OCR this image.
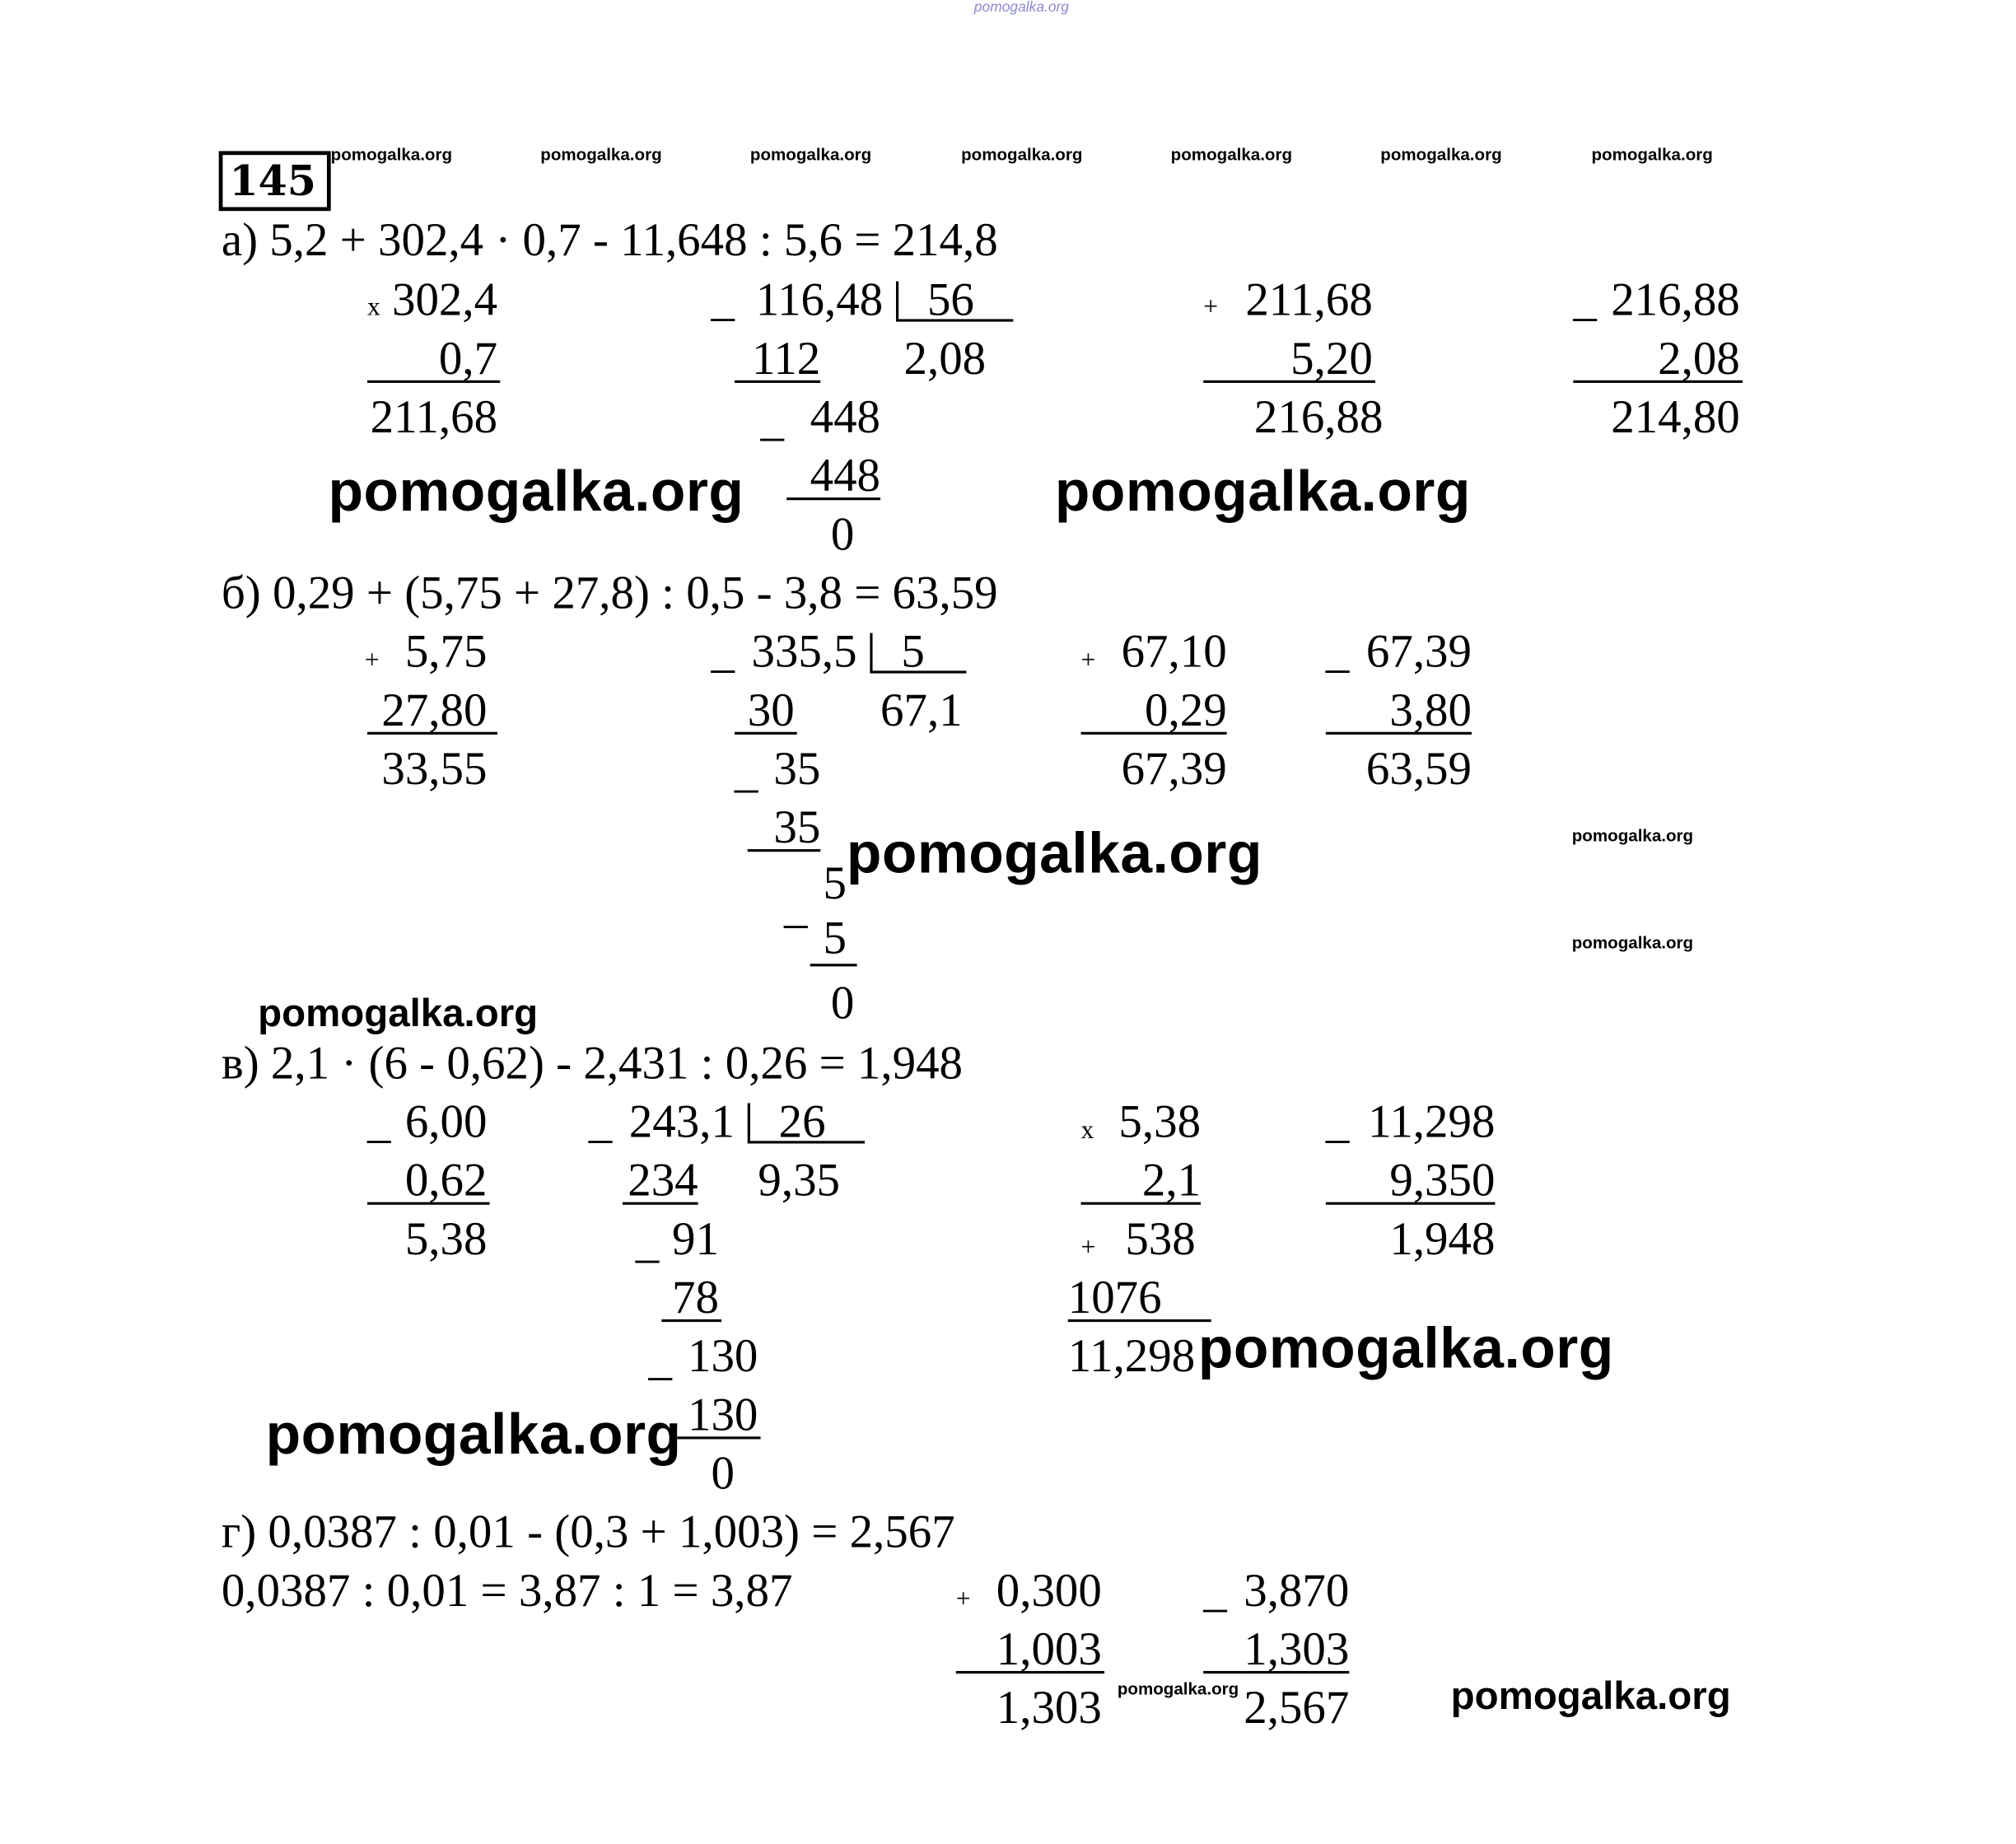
pomogalka.org
pomogalka.org	pomogalka.org	pomogalka.org	pomogalka.org	pomogalka.org	pomogalka.org	pomogalka.org
145
а) 5,2 + 302,4 · 0,7 - 11,648 : 5,6 = 214,8
x 302,4
0,7
211,68
_ 116,48 56
2,08
112
_ 448
448
0
+ 211,68
5,20
216,88
_ 216,88
2,08
214,80
pomogalka.org	pomogalka.org
б) 0,29 + (5,75 + 27,8) : 0,5 - 3,8 = 63,59
+ 5,75
27,80
33,55
_ 335,5 5
67,1
30
_ 35
35
_ 5
5
0
+ 67,10
0,29
67,39
_ 67,39
3,80
63,59
pomogalka.org	pomogalka.org
pomogalka.org
pomogalka.org
в) 2,1 · (6 - 0,62) - 2,431 : 0,26 = 1,948
_ 6,00
0,62
5,38
_ 243,1 26
9,35
234
_ 91
78
_ 130
130
0
x 5,38
2,1
+ 538
1076
11,298
_ 11,298
9,350
1,948
pomogalka.org
pomogalka.org
г) 0,0387 : 0,01 - (0,3 + 1,003) = 2,567
0,0387 : 0,01 = 3,87 : 1 = 3,87	+ 0,300
1,003
1,303
_ 3,870
1,303
2,567
pomogalka.org	pomogalka.org
